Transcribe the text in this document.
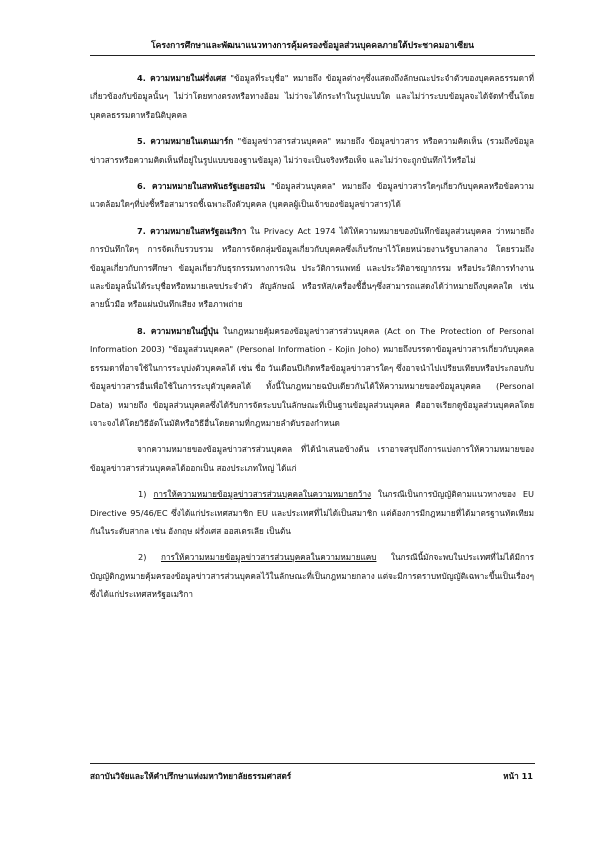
โครงการศึกษาและพัฒนาแนวทางการคุ้มครองข้อมูลส่วนบุคคลภายใต้ประชาคมอาเซียน

4. ความหมายในฝรั่งเศส "ข้อมูลที่ระบุชื่อ" หมายถึง ข้อมูลต่างๆซึ่งแสดงถึงลักษณะประจำตัวของบุคคลธรรมดาที่เกี่ยวข้องกับข้อมูลนั้นๆ ไม่ว่าโดยทางตรงหรือทางอ้อม ไม่ว่าจะได้กระทำในรูปแบบใด และไม่ว่าระบบข้อมูลจะได้จัดทำขึ้นโดยบุคคลธรรมดาหรือนิติบุคคล

5. ความหมายในเดนมาร์ก "ข้อมูลข่าวสารส่วนบุคคล" หมายถึง ข้อมูลข่าวสาร หรือความคิดเห็น (รวมถึงข้อมูลข่าวสารหรือความคิดเห็นที่อยู่ในรูปแบบของฐานข้อมูล) ไม่ว่าจะเป็นจริงหรือเท็จ และไม่ว่าจะถูกบันทึกไว้หรือไม่

6. ความหมายในสหพันธรัฐเยอรมัน "ข้อมูลส่วนบุคคล" หมายถึง ข้อมูลข่าวสารใดๆเกี่ยวกับบุคคลหรือข้อความแวดล้อมใดๆที่บ่งชี้หรือสามารถชี้เฉพาะถึงตัวบุคคล (บุคคลผู้เป็นเจ้าของข้อมูลข่าวสาร)ได้

7. ความหมายในสหรัฐอเมริกา ใน Privacy Act 1974 ได้ให้ความหมายของบันทึกข้อมูลส่วนบุคคล ว่าหมายถึง การบันทึกใดๆ การจัดเก็บรวบรวม หรือการจัดกลุ่มข้อมูลเกี่ยวกับบุคคลซึ่งเก็บรักษาไว้โดยหน่วยงานรัฐบาลกลาง โดยรวมถึง ข้อมูลเกี่ยวกับการศึกษา ข้อมูลเกี่ยวกับธุรกรรมทางการเงิน ประวัติการแพทย์ และประวัติอาชญากรรม หรือประวัติการทำงาน และข้อมูลนั้นได้ระบุชื่อหรือหมายเลขประจำตัว สัญลักษณ์ หรือรหัส/เครื่องชี้อื่นๆซึ่งสามารถแสดงได้ว่าหมายถึงบุคคลใด เช่น ลายนิ้วมือ หรือแผ่นบันทึกเสียง หรือภาพถ่าย

8. ความหมายในญี่ปุ่น ในกฎหมายคุ้มครองข้อมูลข่าวสารส่วนบุคคล (Act on The Protection of Personal Information 2003) "ข้อมูลส่วนบุคคล" (Personal Information - Kojin Joho) หมายถึงบรรดาข้อมูลข่าวสารเกี่ยวกับบุคคลธรรมดาที่อาจใช้ในการระบุบ่งตัวบุคคลได้ เช่น ชื่อ วันเดือนปีเกิดหรือข้อมูลข่าวสารใดๆ ซึ่งอาจนำไปเปรียบเทียบหรือประกอบกับข้อมูลข่าวสารอื่นเพื่อใช้ในการระบุตัวบุคคลได้ ทั้งนี้ในกฎหมายฉบับเดียวกันได้ให้ความหมายของข้อมูลบุคคล (Personal Data) หมายถึง ข้อมูลส่วนบุคคลซึ่งได้รับการจัดระบบในลักษณะที่เป็นฐานข้อมูลส่วนบุคคล คืออาจเรียกดูข้อมูลส่วนบุคคลโดยเจาะจงได้โดยวิธีอัตโนมัติหรือวิธีอื่นโดยตามที่กฎหมายลำดับรองกำหนด

จากความหมายของข้อมูลข่าวสารส่วนบุคคล ที่ได้นำเสนอข้างต้น เราอาจสรุปถึงการแบ่งการให้ความหมายของข้อมูลข่าวสารส่วนบุคคลได้ออกเป็น สองประเภทใหญ่ ได้แก่

1) การให้ความหมายข้อมูลข่าวสารส่วนบุคคลในความหมายกว้าง ในกรณีเป็นการบัญญัติตามแนวทางของ EU Directive 95/46/EC ซึ่งได้แก่ประเทศสมาชิก EU และประเทศที่ไม่ได้เป็นสมาชิก แต่ต้องการมีกฎหมายที่ได้มาตรฐานทัดเทียมกันในระดับสากล เช่น อังกฤษ ฝรั่งเศส ออสเตรเลีย เป็นต้น

2) การให้ความหมายข้อมูลข่าวสารส่วนบุคคลในความหมายแคบ ในกรณีนี้มักจะพบในประเทศที่ไม่ได้มีการบัญญัติกฎหมายคุ้มครองข้อมูลข่าวสารส่วนบุคคลไว้ในลักษณะที่เป็นกฎหมายกลาง แต่จะมีการตราบทบัญญัติเฉพาะขึ้นเป็นเรื่องๆ ซึ่งได้แก่ประเทศสหรัฐอเมริกา

สถาบันวิจัยและให้คำปรึกษาแห่งมหาวิทยาลัยธรรมศาสตร์	หน้า 11
